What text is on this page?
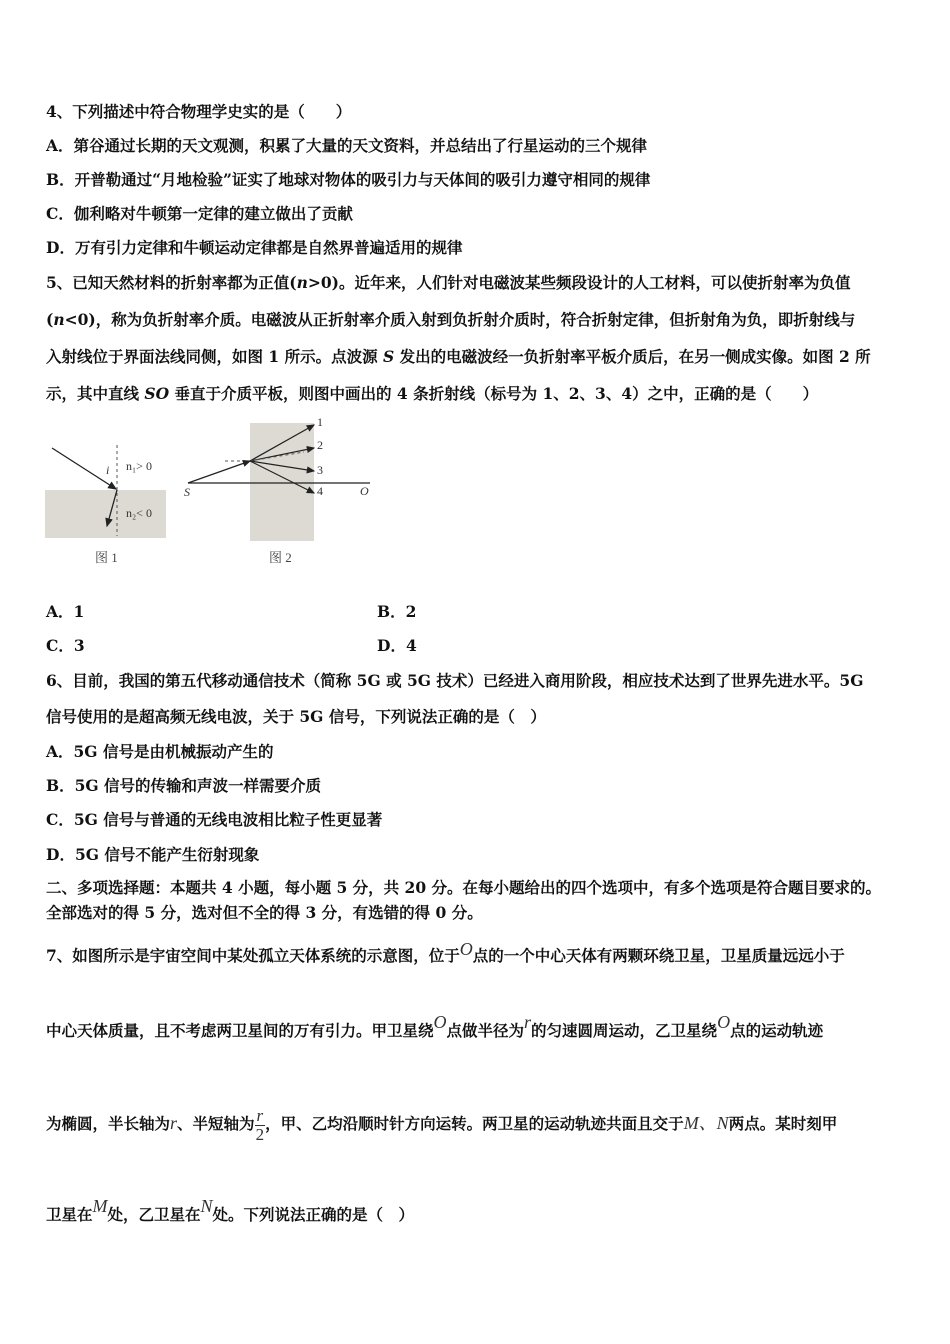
4、下列描述中符合物理学史实的是（　　）
A．第谷通过长期的天文观测，积累了大量的天文资料，并总结出了行星运动的三个规律
B．开普勒通过“月地检验”证实了地球对物体的吸引力与天体间的吸引力遵守相同的规律
C．伽利略对牛顿第一定律的建立做出了贡献
D．万有引力定律和牛顿运动定律都是自然界普遍适用的规律
5、已知天然材料的折射率都为正值(n>0)。近年来，人们针对电磁波某些频段设计的人工材料，可以使折射率为负值
(n<0)，称为负折射率介质。电磁波从正折射率介质入射到负折射介质时，符合折射定律，但折射角为负，即折射线与
入射线位于界面法线同侧，如图 1 所示。点波源 S 发出的电磁波经一负折射率平板介质后，在另一侧成实像。如图 2 所
示，其中直线 SO 垂直于介质平板，则图中画出的 4 条折射线（标号为 1、2、3、4）之中，正确的是（　　）
i n₁> 0
n₂< 0
图 1
1
2
3
4
S	O
图 2
A．1	B．2
C．3	D．4
6、目前，我国的第五代移动通信技术（简称 5G 或 5G 技术）已经进入商用阶段，相应技术达到了世界先进水平。5G
信号使用的是超高频无线电波，关于 5G 信号，下列说法正确的是（　）
A．5G 信号是由机械振动产生的
B．5G 信号的传输和声波一样需要介质
C．5G 信号与普通的无线电波相比粒子性更显著
D．5G 信号不能产生衍射现象
二、多项选择题：本题共 4 小题，每小题 5 分，共 20 分。在每小题给出的四个选项中，有多个选项是符合题目要求的。
全部选对的得 5 分，选对但不全的得 3 分，有选错的得 0 分。
7、如图所示是宇宙空间中某处孤立天体系统的示意图，位于O点的一个中心天体有两颗环绕卫星，卫星质量远远小于
中心天体质量，且不考虑两卫星间的万有引力。甲卫星绕O点做半径为r的匀速圆周运动，乙卫星绕O点的运动轨迹
为椭圆，半长轴为r、半短轴为 $\frac{r}{2}$ ，甲、乙均沿顺时针方向运转。两卫星的运动轨迹共面且交于M、N两点。某时刻甲
卫星在M处，乙卫星在N处。下列说法正确的是（　）
